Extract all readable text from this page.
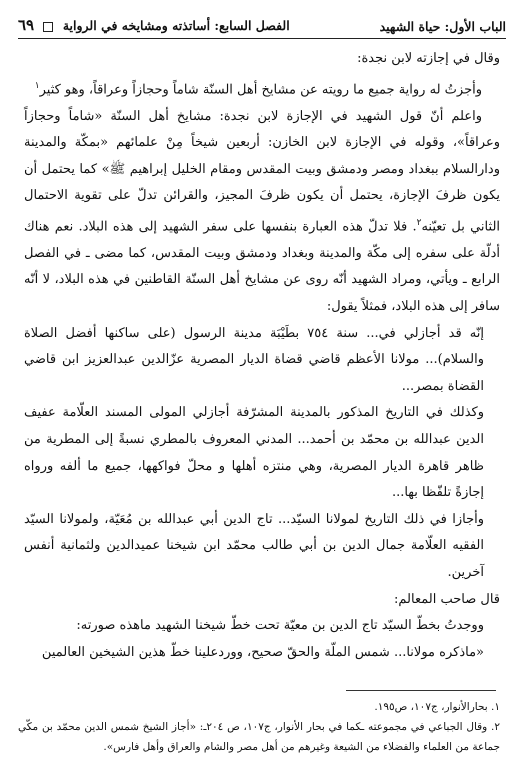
الباب الأول: حياة الشهيد
الفصل السابع: أساتذته ومشايخه في الرواية  ٦٩

وقال في إجازته لابن نجدة:

وأجزتُ له رواية جميع ما رويته عن مشايخ أهل السنّة شاماً وحجازاً وعراقاً، وهو كثير$^١$

واعلم أنّ قول الشهيد في الإجازة لابن نجدة: مشايخ أهل السنّة «شاماً وحجازاً وعراقاً»، وقوله في الإجازة لابن الخازن: أربعين شيخاً مِنْ علمائهم «بمكّة والمدينة ودارالسلام ببغداد ومصر ودمشق وبيت المقدس ومقام الخليل إبراهيم ﷺ» كما يحتمل أن يكون ظرفَ الإجازة، يحتمل أن يكون ظرفَ المجيز، والقرائن تدلّ على تقوية الاحتمال الثاني بل تعيّنه$^٢$. فلا تدلّ هذه العبارة بنفسها على سفر الشهيد إلى هذه البلاد. نعم هناك أدلّة على سفره إلى مكّة والمدينة وبغداد ودمشق وبيت المقدس، كما مضى ـ في الفصل الرابع ـ ويأتي، ومراد الشهيد أنّه روى عن مشايخ أهل السنّة القاطنين في هذه البلاد، لا أنّه سافر إلى هذه البلاد، فمثلاً يقول:

إنّه قد أجازلي في... سنة ٧٥٤ بطَيْبَة مدينة الرسول (على ساكنها أفضل الصلاة والسلام)... مولانا الأعظم قاضي قضاة الديار المصرية عزّالدين عبدالعزيز ابن قاضي القضاة بمصر...

وكذلك في التاريخ المذكور بالمدينة المشرّفة أجازلي المولى المسند العلّامة عفيف الدين عبدالله بن محمّد بن أحمد... المدني المعروف بالمطري نسبةً إلى المطرية من ظاهر قاهرة الديار المصرية، وهي منتزه أهلها و محلّ فواكهها، جميع ما ألفه ورواه إجازةً تلفّظا بها...

وأجازا في ذلك التاريخ لمولانا السيّد... تاج الدين أبي عبدالله بن مُعَيّة، ولمولانا السيّد الفقيه العلّامة جمال الدين بن أبي طالب محمّد ابن شيخنا عميدالدين ولثمانية أنفس آخرين.

قال صاحب المعالم:

ووجدتُ بخطّ السيّد تاج الدين بن معيّة تحت خطّ شيخنا الشهيد ماهذه صورته:

«ماذكره مولانا... شمس الملّة والحقّ صحيح، ووردعلينا خطّ هذين الشيخين العالمين

١. بحارالأنوار، ج١٠٧، ص١٩٥.

٢. وقال الجباعي في مجموعته ـكما في بحار الأنوار، ج١٠٧، ص ٢٠٤ـ: «أجاز الشيخ شمس الدين محمّد بن مكّي جماعة من العلماء والفضلاء من الشيعة وغيرهم من أهل مصر والشام والعراق وأهل فارس».
